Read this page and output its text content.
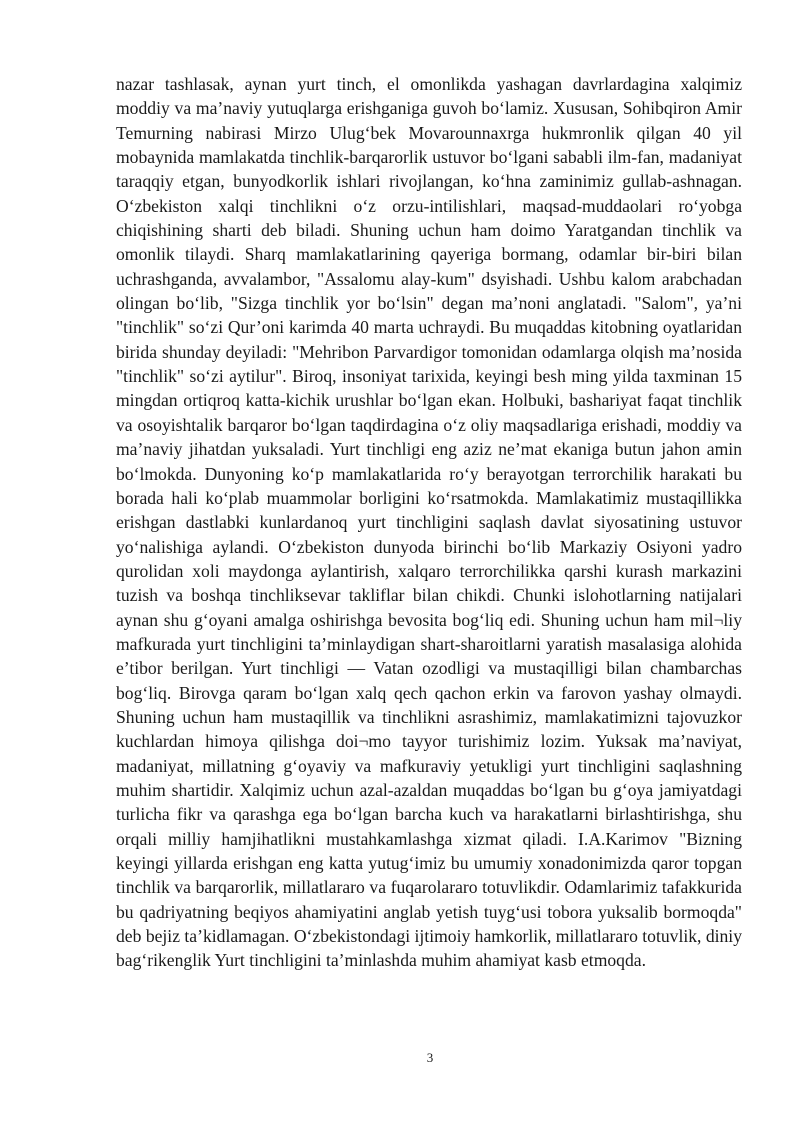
nazar tashlasak, aynan yurt tinch, el omonlikda yashagan davrlardagina xalqimiz moddiy va ma’naviy yutuqlarga erishganiga guvoh bo‘lamiz. Xususan, Sohibqiron Amir Temurning nabirasi Mirzo Ulug‘bek Movarounnaxrga hukmronlik qilgan 40 yil mobaynida mamlakatda tinchlik-barqarorlik ustuvor bo‘lgani sababli ilm-fan, madaniyat taraqqiy etgan, bunyodkorlik ishlari rivojlangan, ko‘hna zaminimiz gullab-ashnagan. O‘zbekiston xalqi tinchlikni o‘z orzu-intilishlari, maqsad-muddaolari ro‘yobga chiqishining sharti deb biladi. Shuning uchun ham doimo Yaratgandan tinchlik va omonlik tilaydi. Sharq mamlakatlarining qayeriga bormang, odamlar bir-biri bilan uchrashganda, avvalambor, "Assalomu alay-kum" dsyishadi. Ushbu kalom arabchadan olingan bo‘lib, "Sizga tinchlik yor bo‘lsin" degan ma’noni anglatadi. "Salom", ya’ni "tinchlik" so‘zi Qur’oni karimda 40 marta uchraydi. Bu muqaddas kitobning oyatlaridan birida shunday deyiladi: "Mehribon Parvardigor tomonidan odamlarga olqish ma’nosida "tinchlik" so‘zi aytilur". Biroq, insoniyat tarixida, keyingi besh ming yilda taxminan 15 mingdan ortiqroq katta-kichik urushlar bo‘lgan ekan. Holbuki, bashariyat faqat tinchlik va osoyishtalik barqaror bo‘lgan taqdirdagina o‘z oliy maqsadlariga erishadi, moddiy va ma’naviy jihatdan yuksaladi. Yurt tinchligi eng aziz ne’mat ekaniga butun jahon amin bo‘lmokda. Dunyoning ko‘p mamlakatlarida ro‘y berayotgan terrorchilik harakati bu borada hali ko‘plab muammolar borligini ko‘rsatmokda. Mamlakatimiz mustaqillikka erishgan dastlabki kunlardanoq yurt tinchligini saqlash davlat siyosatining ustuvor yo‘nalishiga aylandi. O‘zbekiston dunyoda birinchi bo‘lib Markaziy Osiyoni yadro qurolidan xoli maydonga aylantirish, xalqaro terrorchilikka qarshi kurash markazini tuzish va boshqa tinchliksevar takliflar bilan chikdi. Chunki islohotlarning natijalari aynan shu g‘oyani amalga oshirishga bevosita bog‘liq edi. Shuning uchun ham mil¬liy mafkurada yurt tinchligini ta’minlaydigan shart-sharoitlarni yaratish masalasiga alohida e’tibor berilgan. Yurt tinchligi — Vatan ozodligi va mustaqilligi bilan chambarchas bog‘liq. Birovga qaram bo‘lgan xalq qech qachon erkin va farovon yashay olmaydi. Shuning uchun ham mustaqillik va tinchlikni asrashimiz, mamlakatimizni tajovuzkor kuchlardan himoya qilishga doi¬mo tayyor turishimiz lozim. Yuksak ma’naviyat, madaniyat, millatning g‘oyaviy va mafkuraviy yetukligi yurt tinchligini saqlashning muhim shartidir. Xalqimiz uchun azal-azaldan muqaddas bo‘lgan bu g‘oya jamiyatdagi turlicha fikr va qarashga ega bo‘lgan barcha kuch va harakatlarni birlashtirishga, shu orqali milliy hamjihatlikni mustahkamlashga xizmat qiladi. I.A.Karimov "Bizning keyingi yillarda erishgan eng katta yutug‘imiz bu umumiy xonadonimizda qaror topgan tinchlik va barqarorlik, millatlararo va fuqarolararo totuvlikdir. Odamlarimiz tafakkurida bu qadriyatning beqiyos ahamiyatini anglab yetish tuyg‘usi tobora yuksalib bormoqda" deb bejiz ta’kidlamagan. O‘zbekistondagi ijtimoiy hamkorlik, millatlararo totuvlik, diniy bag‘rikenglik Yurt tinchligini ta’minlashda muhim ahamiyat kasb etmoqda.

3
